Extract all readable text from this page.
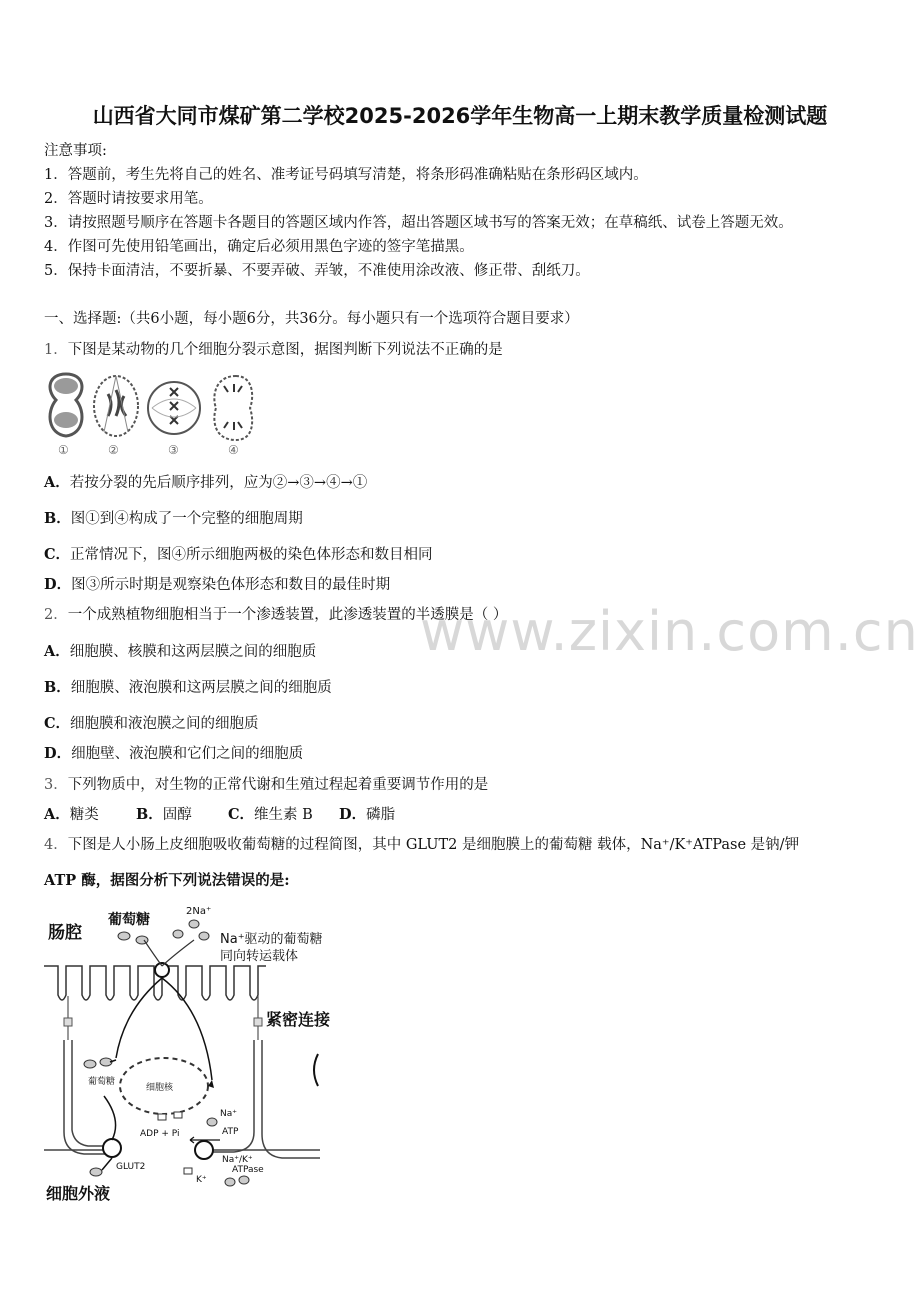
山西省大同市煤矿第二学校2025-2026学年生物高一上期末教学质量检测试题
注意事项:
1．答题前，考生先将自己的姓名、准考证号码填写清楚，将条形码准确粘贴在条形码区域内。
2．答题时请按要求用笔。
3．请按照题号顺序在答题卡各题目的答题区域内作答，超出答题区域书写的答案无效；在草稿纸、试卷上答题无效。
4．作图可先使用铅笔画出，确定后必须用黑色字迹的签字笔描黑。
5．保持卡面清洁，不要折暴、不要弄破、弄皱，不准使用涂改液、修正带、刮纸刀。
一、选择题:（共6小题，每小题6分，共36分。每小题只有一个选项符合题目要求）
1．下图是某动物的几个细胞分裂示意图，据图判断下列说法不正确的是
①	②	③	④
A．若按分裂的先后顺序排列，应为②→③→④→①
B．图①到④构成了一个完整的细胞周期
C．正常情况下，图④所示细胞两极的染色体形态和数目相同
D．图③所示时期是观察染色体形态和数目的最佳时期
2．一个成熟植物细胞相当于一个渗透装置，此渗透装置的半透膜是（ ）
A．细胞膜、核膜和这两层膜之间的细胞质
B．细胞膜、液泡膜和这两层膜之间的细胞质
C．细胞膜和液泡膜之间的细胞质
D．细胞壁、液泡膜和它们之间的细胞质
3．下列物质中，对生物的正常代谢和生殖过程起着重要调节作用的是
A．糖类	B．固醇 C．维生素 B D．磷脂
4．下图是人小肠上皮细胞吸收葡萄糖的过程简图，其中 GLUT2 是细胞膜上的葡萄糖 载体，Na⁺/K⁺ATPase 是钠/钾
ATP 酶，据图分析下列说法错误的是:
肠腔
葡萄糖
2Na⁺
Na⁺驱动的葡萄糖
同向转运载体
紧密连接
细胞核
葡萄糖
GLUT2
ADP + Pi	ATP
Na⁺
Na⁺/K⁺
ATPase
K⁺
细胞外液
www.zixin.com.cn
